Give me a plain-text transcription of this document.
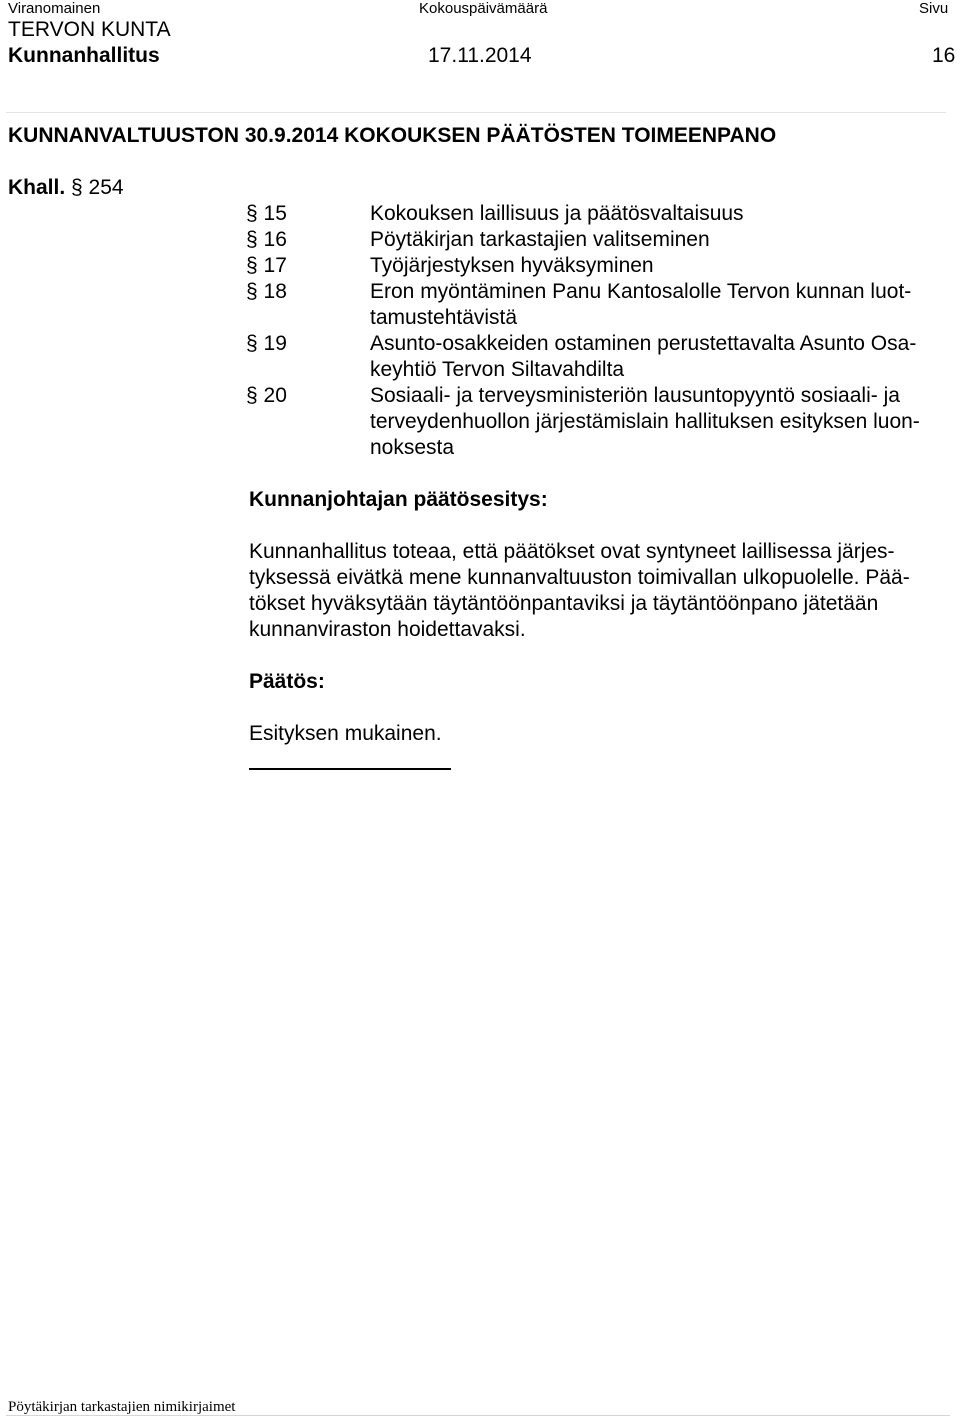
Viranomainen	Kokouspäivämäärä	Sivu
TERVON KUNTA
Kunnanhallitus	17.11.2014	16
KUNNANVALTUUSTON 30.9.2014 KOKOUKSEN PÄÄTÖSTEN TOIMEENPANO
Khall. § 254
§ 15	Kokouksen laillisuus ja päätösvaltaisuus
§ 16	Pöytäkirjan tarkastajien valitseminen
§ 17	Työjärjestyksen hyväksyminen
§ 18	Eron myöntäminen Panu Kantosalolle Tervon kunnan luot-
tamustehtävistä
§ 19	Asunto-osakkeiden ostaminen perustettavalta Asunto Osa-
keyhtiö Tervon Siltavahdilta
§ 20	Sosiaali- ja terveysministeriön lausuntopyyntö sosiaali- ja
terveydenhuollon järjestämislain hallituksen esityksen luon-
noksesta
Kunnanjohtajan päätösesitys:
Kunnanhallitus toteaa, että päätökset ovat syntyneet laillisessa järjes-
tyksessä eivätkä mene kunnanvaltuuston toimivallan ulkopuolelle. Pää-
tökset hyväksytään täytäntöönpantaviksi ja täytäntöönpano jätetään
kunnanviraston hoidettavaksi.
Päätös:
Esityksen mukainen.
Pöytäkirjan tarkastajien nimikirjaimet
